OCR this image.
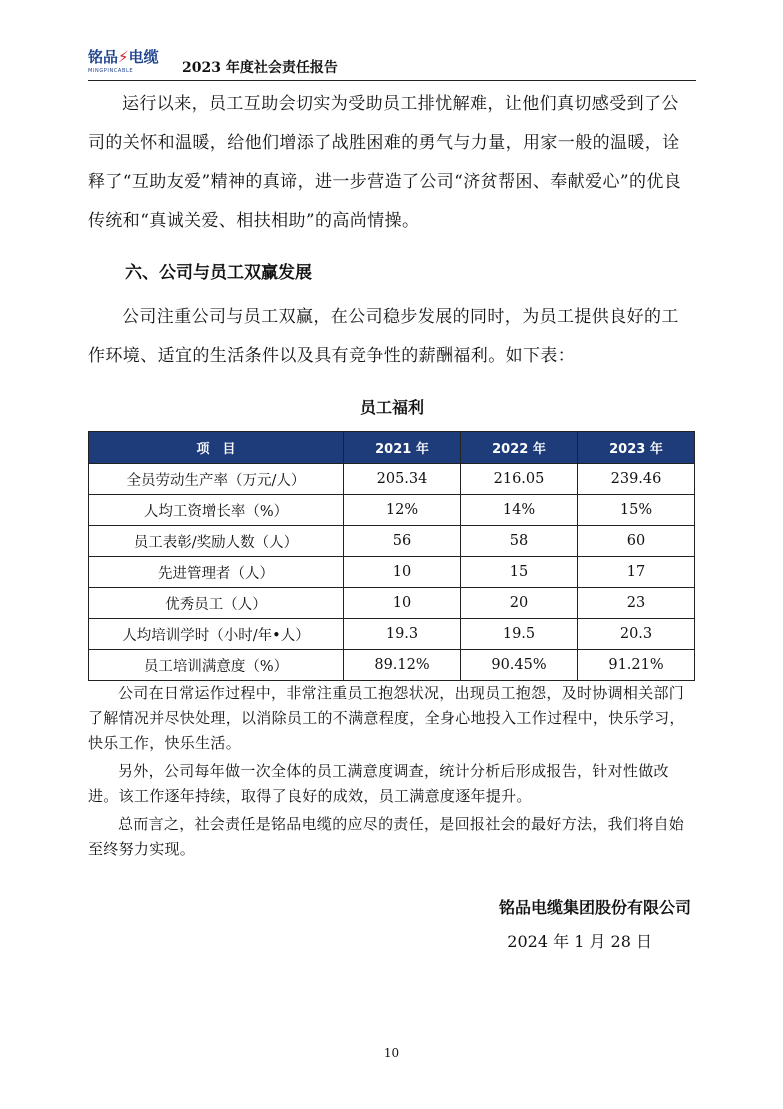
铭品⚡电缆
MINGPINCABLE	2023 年度社会责任报告

运行以来，员工互助会切实为受助员工排忧解难，让他们真切感受到了公司的关怀和温暖，给他们增添了战胜困难的勇气与力量，用家一般的温暖，诠释了“互助友爱”精神的真谛，进一步营造了公司“济贫帮困、奉献爱心”的优良传统和“真诚关爱、相扶相助”的高尚情操。

六、公司与员工双赢发展

公司注重公司与员工双赢，在公司稳步发展的同时，为员工提供良好的工作环境、适宜的生活条件以及具有竞争性的薪酬福利。如下表：

员工福利
项　目	2021 年	2022 年	2023 年
全员劳动生产率（万元/人）	205.34	216.05	239.46
人均工资增长率（%）	12%	14%	15%
员工表彰/奖励人数（人）	56	58	60
先进管理者（人）	10	15	17
优秀员工（人）	10	20	23
人均培训学时（小时/年•人）	19.3	19.5	20.3
员工培训满意度（%）	89.12%	90.45%	91.21%

公司在日常运作过程中，非常注重员工抱怨状况，出现员工抱怨，及时协调相关部门了解情况并尽快处理，以消除员工的不满意程度，全身心地投入工作过程中，快乐学习，快乐工作，快乐生活。

另外，公司每年做一次全体的员工满意度调查，统计分析后形成报告，针对性做改进。该工作逐年持续，取得了良好的成效，员工满意度逐年提升。

总而言之，社会责任是铭品电缆的应尽的责任，是回报社会的最好方法，我们将自始至终努力实现。

铭品电缆集团股份有限公司
2024 年 1 月 28 日
10
